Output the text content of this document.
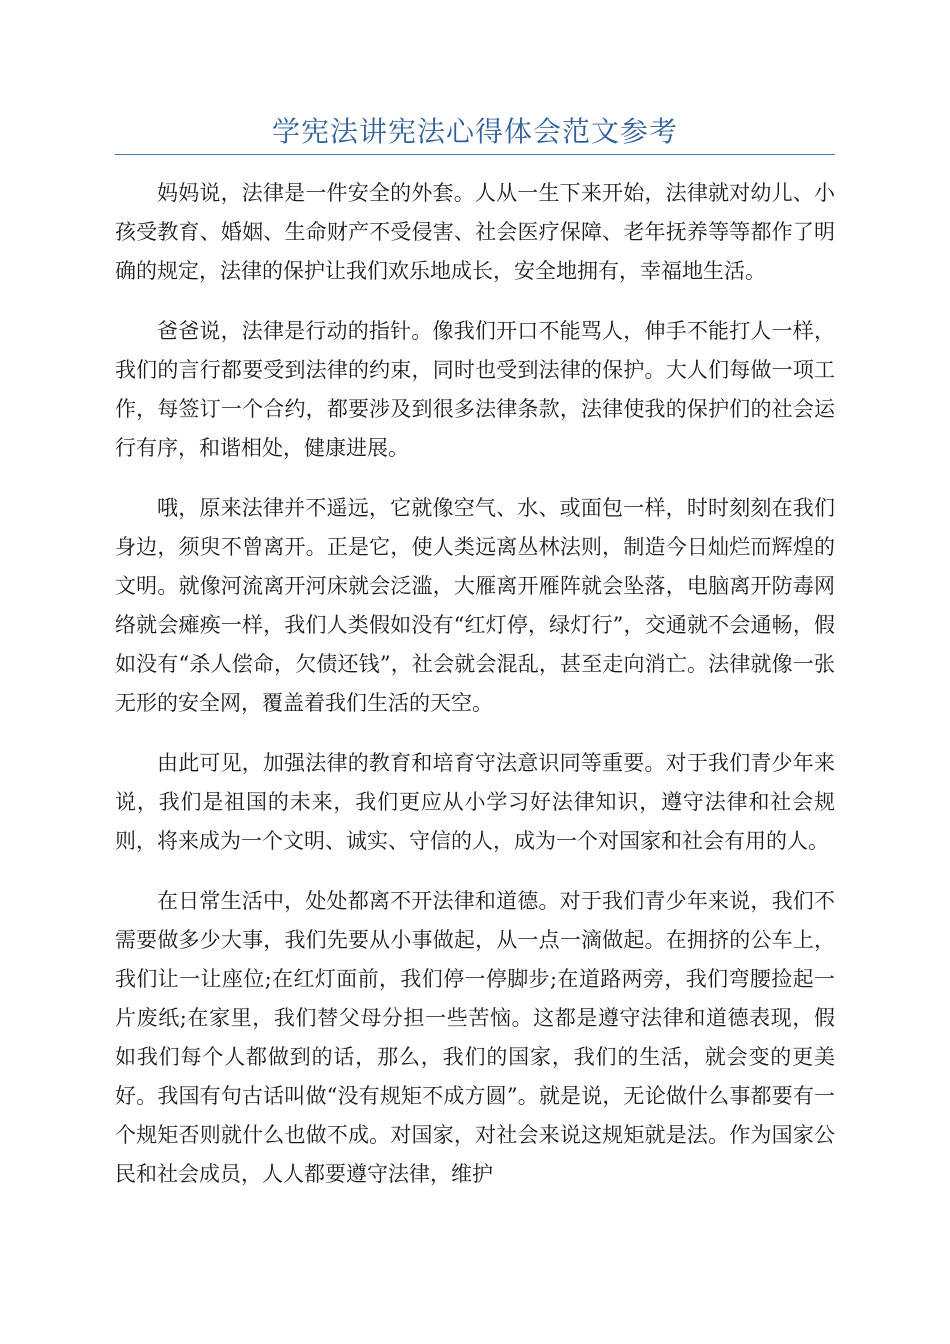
学宪法讲宪法心得体会范文参考

妈妈说，法律是一件安全的外套。人从一生下来开始，法律就对幼儿、小孩受教育、婚姻、生命财产不受侵害、社会医疗保障、老年抚养等等都作了明确的规定，法律的保护让我们欢乐地成长，安全地拥有，幸福地生活。

爸爸说，法律是行动的指针。像我们开口不能骂人，伸手不能打人一样，我们的言行都要受到法律的约束，同时也受到法律的保护。大人们每做一项工作，每签订一个合约，都要涉及到很多法律条款，法律使我的保护们的社会运行有序，和谐相处，健康进展。

哦，原来法律并不遥远，它就像空气、水、或面包一样，时时刻刻在我们身边，须臾不曾离开。正是它，使人类远离丛林法则，制造今日灿烂而辉煌的文明。就像河流离开河床就会泛滥，大雁离开雁阵就会坠落，电脑离开防毒网络就会瘫痪一样，我们人类假如没有“红灯停，绿灯行”，交通就不会通畅，假如没有“杀人偿命，欠债还钱”，社会就会混乱，甚至走向消亡。法律就像一张无形的安全网，覆盖着我们生活的天空。

由此可见，加强法律的教育和培育守法意识同等重要。对于我们青少年来说，我们是祖国的未来，我们更应从小学习好法律知识，遵守法律和社会规则，将来成为一个文明、诚实、守信的人，成为一个对国家和社会有用的人。

在日常生活中，处处都离不开法律和道德。对于我们青少年来说，我们不需要做多少大事，我们先要从小事做起，从一点一滴做起。在拥挤的公车上，我们让一让座位;在红灯面前，我们停一停脚步;在道路两旁，我们弯腰捡起一片废纸;在家里，我们替父母分担一些苦恼。这都是遵守法律和道德表现，假如我们每个人都做到的话，那么，我们的国家，我们的生活，就会变的更美好。我国有句古话叫做“没有规矩不成方圆”。就是说，无论做什么事都要有一个规矩否则就什么也做不成。对国家，对社会来说这规矩就是法。作为国家公民和社会成员，人人都要遵守法律，维护
